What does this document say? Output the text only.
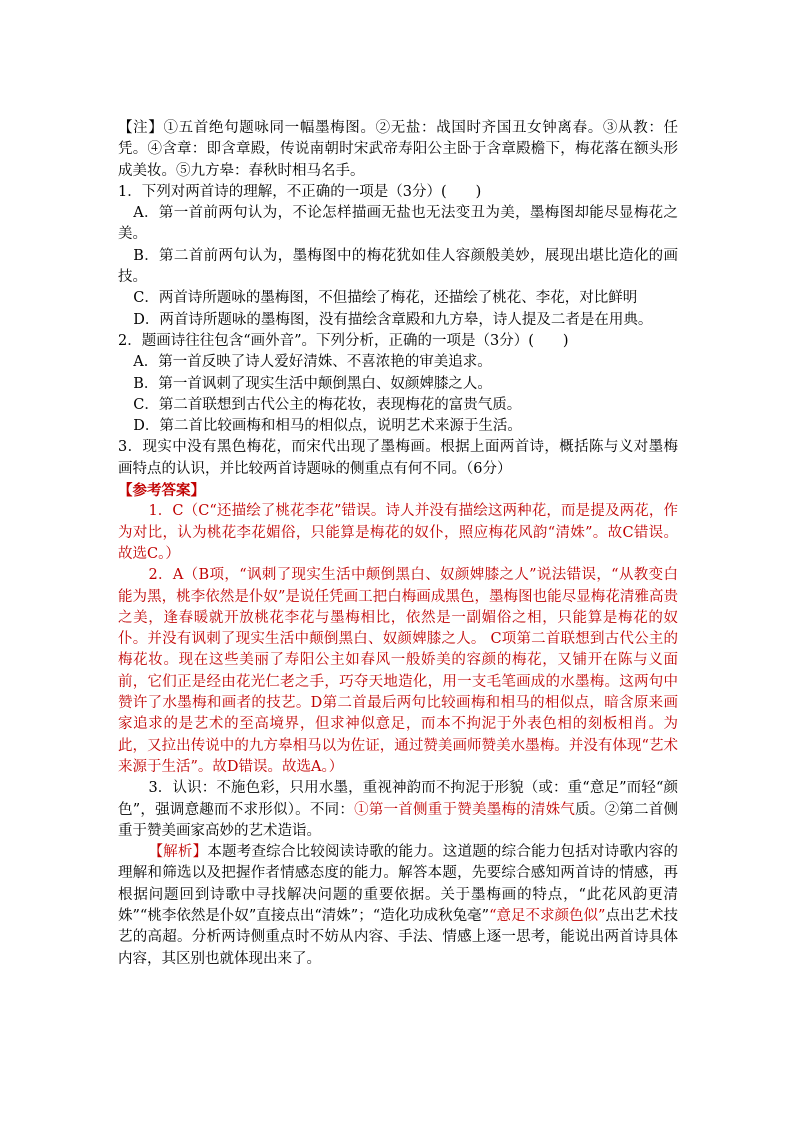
【注】①五首绝句题咏同一幅墨梅图。②无盐：战国时齐国丑女钟离春。③从教：任凭。④含章：即含章殿，传说南朝时宋武帝寿阳公主卧于含章殿檐下，梅花落在额头形成美妆。⑤九方皋：春秋时相马名手。

1．下列对两首诗的理解，不正确的一项是（3分）(　　)

A．第一首前两句认为，不论怎样描画无盐也无法变丑为美，墨梅图却能尽显梅花之美。

B．第二首前两句认为，墨梅图中的梅花犹如佳人容颜般美妙，展现出堪比造化的画技。

C．两首诗所题咏的墨梅图，不但描绘了梅花，还描绘了桃花、李花，对比鲜明

D．两首诗所题咏的墨梅图，没有描绘含章殿和九方皋，诗人提及二者是在用典。

2．题画诗往往包含“画外音”。下列分析，正确的一项是（3分）(　　)

A．第一首反映了诗人爱好清姝、不喜浓艳的审美追求。

B．第一首讽刺了现实生活中颠倒黑白、奴颜婢膝之人。

C．第二首联想到古代公主的梅花妆，表现梅花的富贵气质。

D．第二首比较画梅和相马的相似点，说明艺术来源于生活。

3．现实中没有黑色梅花，而宋代出现了墨梅画。根据上面两首诗，概括陈与义对墨梅画特点的认识，并比较两首诗题咏的侧重点有何不同。（6分）

【参考答案】

1．C（C“还描绘了桃花李花”错误。诗人并没有描绘这两种花，而是提及两花，作为对比，认为桃花李花媚俗，只能算是梅花的奴仆，照应梅花风韵“清姝”。故C错误。故选C。）

2．A（B项，“讽刺了现实生活中颠倒黑白、奴颜婢膝之人”说法错误，“从教变白能为黑，桃李依然是仆奴”是说任凭画工把白梅画成黑色，墨梅图也能尽显梅花清雅高贵之美，逢春暖就开放桃花李花与墨梅相比，依然是一副媚俗之相，只能算是梅花的奴仆。并没有讽刺了现实生活中颠倒黑白、奴颜婢膝之人。 C项第二首联想到古代公主的梅花妆。现在这些美丽了寿阳公主如春风一般娇美的容颜的梅花，又铺开在陈与义面前，它们正是经由花光仁老之手，巧夺天地造化，用一支毛笔画成的水墨梅。这两句中赞许了水墨梅和画者的技艺。D第二首最后两句比较画梅和相马的相似点，暗含原来画家追求的是艺术的至高境界，但求神似意足，而本不拘泥于外表色相的刻板相肖。为此，又拉出传说中的九方皋相马以为佐证，通过赞美画师赞美水墨梅。并没有体现“艺术来源于生活”。故D错误。故选A。）

3．认识：不施色彩，只用水墨，重视神韵而不拘泥于形貌（或：重“意足”而轻“颜色”，强调意趣而不求形似）。不同：①第一首侧重于赞美墨梅的清姝气质。②第二首侧重于赞美画家高妙的艺术造诣。

【解析】本题考查综合比较阅读诗歌的能力。这道题的综合能力包括对诗歌内容的理解和筛选以及把握作者情感态度的能力。解答本题，先要综合感知两首诗的情感，再根据问题回到诗歌中寻找解决问题的重要依据。关于墨梅画的特点，“此花风韵更清姝”“桃李依然是仆奴”直接点出“清姝”；“造化功成秋兔毫”“意足不求颜色似”点出艺术技艺的高超。分析两诗侧重点时不妨从内容、手法、情感上逐一思考，能说出两首诗具体内容，其区别也就体现出来了。
